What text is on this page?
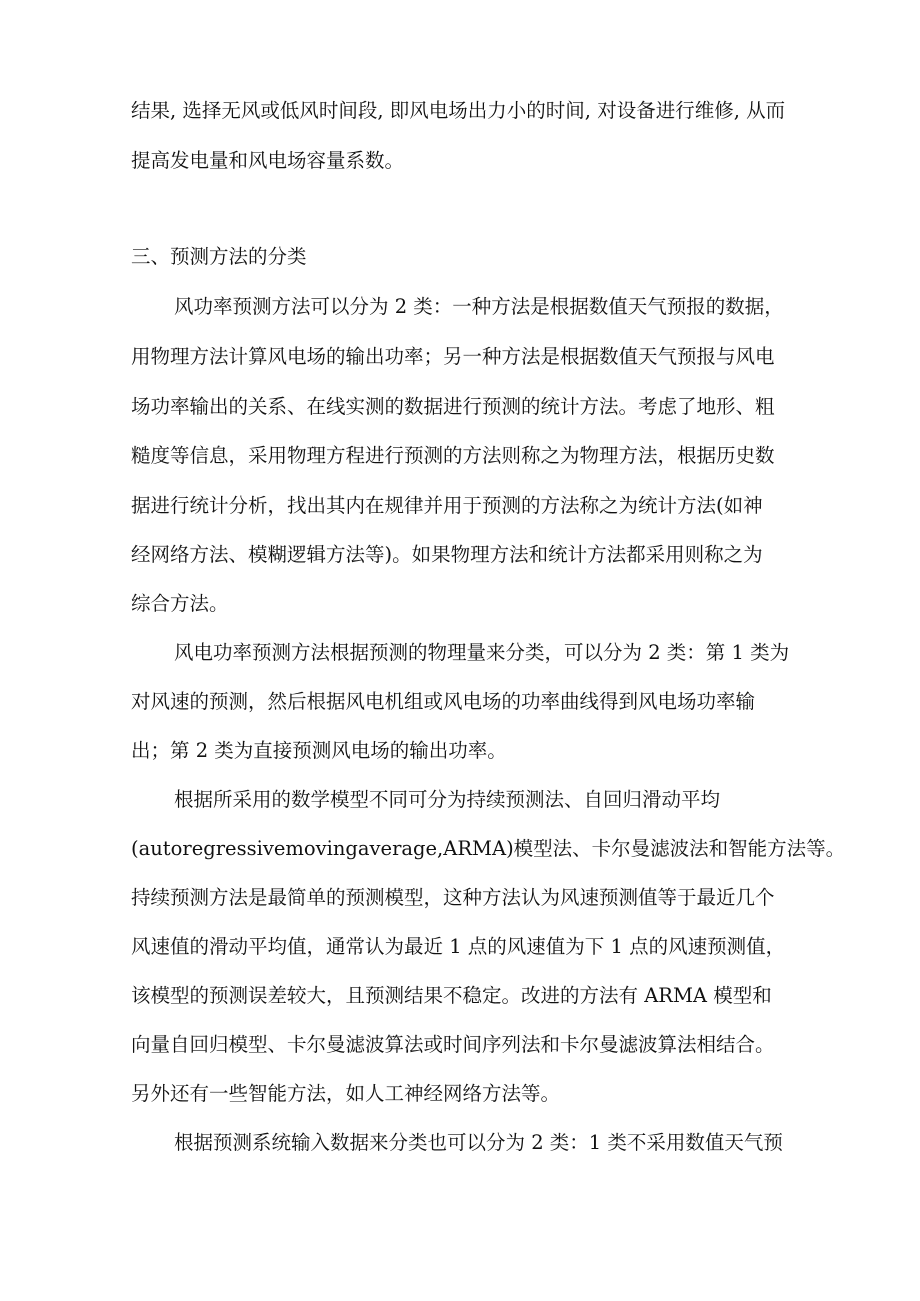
结果, 选择无风或低风时间段, 即风电场出力小的时间, 对设备进行维修, 从而

提高发电量和风电场容量系数。

三、预测方法的分类

风功率预测方法可以分为 2 类：一种方法是根据数值天气预报的数据，

用物理方法计算风电场的输出功率；另一种方法是根据数值天气预报与风电

场功率输出的关系、在线实测的数据进行预测的统计方法。考虑了地形、粗

糙度等信息，采用物理方程进行预测的方法则称之为物理方法，根据历史数

据进行统计分析，找出其内在规律并用于预测的方法称之为统计方法(如神

经网络方法、模糊逻辑方法等)。如果物理方法和统计方法都采用则称之为

综合方法。

风电功率预测方法根据预测的物理量来分类，可以分为 2 类：第 1 类为

对风速的预测，然后根据风电机组或风电场的功率曲线得到风电场功率输

出；第 2 类为直接预测风电场的输出功率。

根据所采用的数学模型不同可分为持续预测法、自回归滑动平均

(autoregressivemovingaverage,ARMA)模型法、卡尔曼滤波法和智能方法等。

持续预测方法是最简单的预测模型，这种方法认为风速预测值等于最近几个

风速值的滑动平均值，通常认为最近 1 点的风速值为下 1 点的风速预测值，

该模型的预测误差较大，且预测结果不稳定。改进的方法有 ARMA 模型和

向量自回归模型、卡尔曼滤波算法或时间序列法和卡尔曼滤波算法相结合。

另外还有一些智能方法，如人工神经网络方法等。

根据预测系统输入数据来分类也可以分为 2 类：1 类不采用数值天气预
